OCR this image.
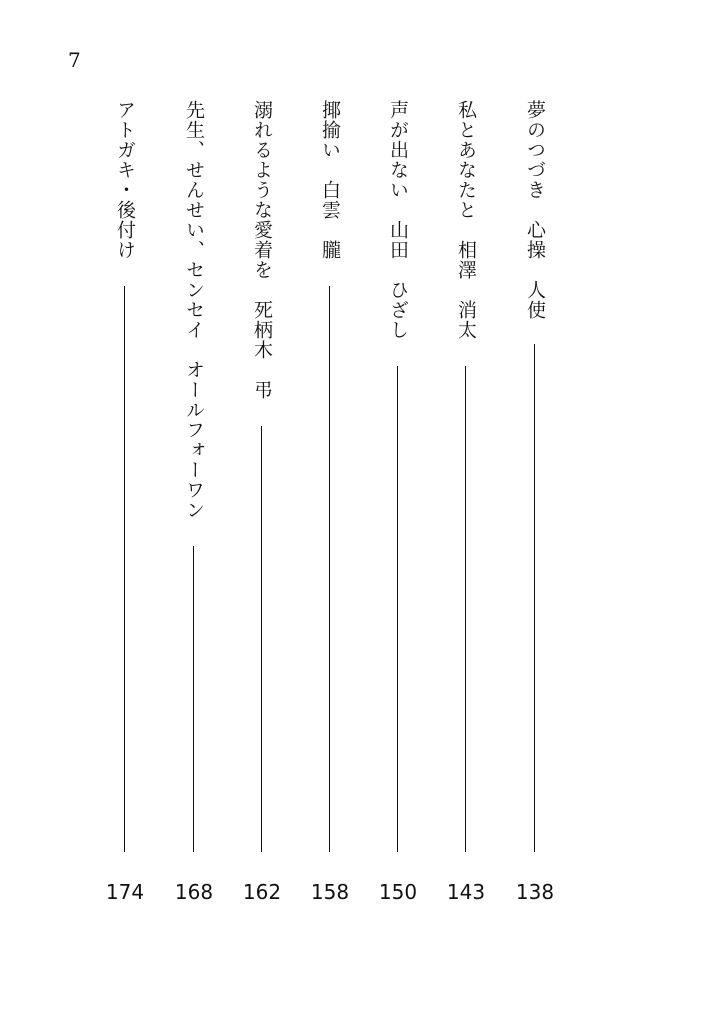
7
夢のつづき　心操　人使
138
私とあなたと　相澤　消太
143
声が出ない　山田　ひざし
150
揶揄い　白雲　朧
158
溺れるような愛着を　死柄木　弔
162
先生、せんせい、センセイ　オールフォーワン
168
アトガキ・後付け
174
